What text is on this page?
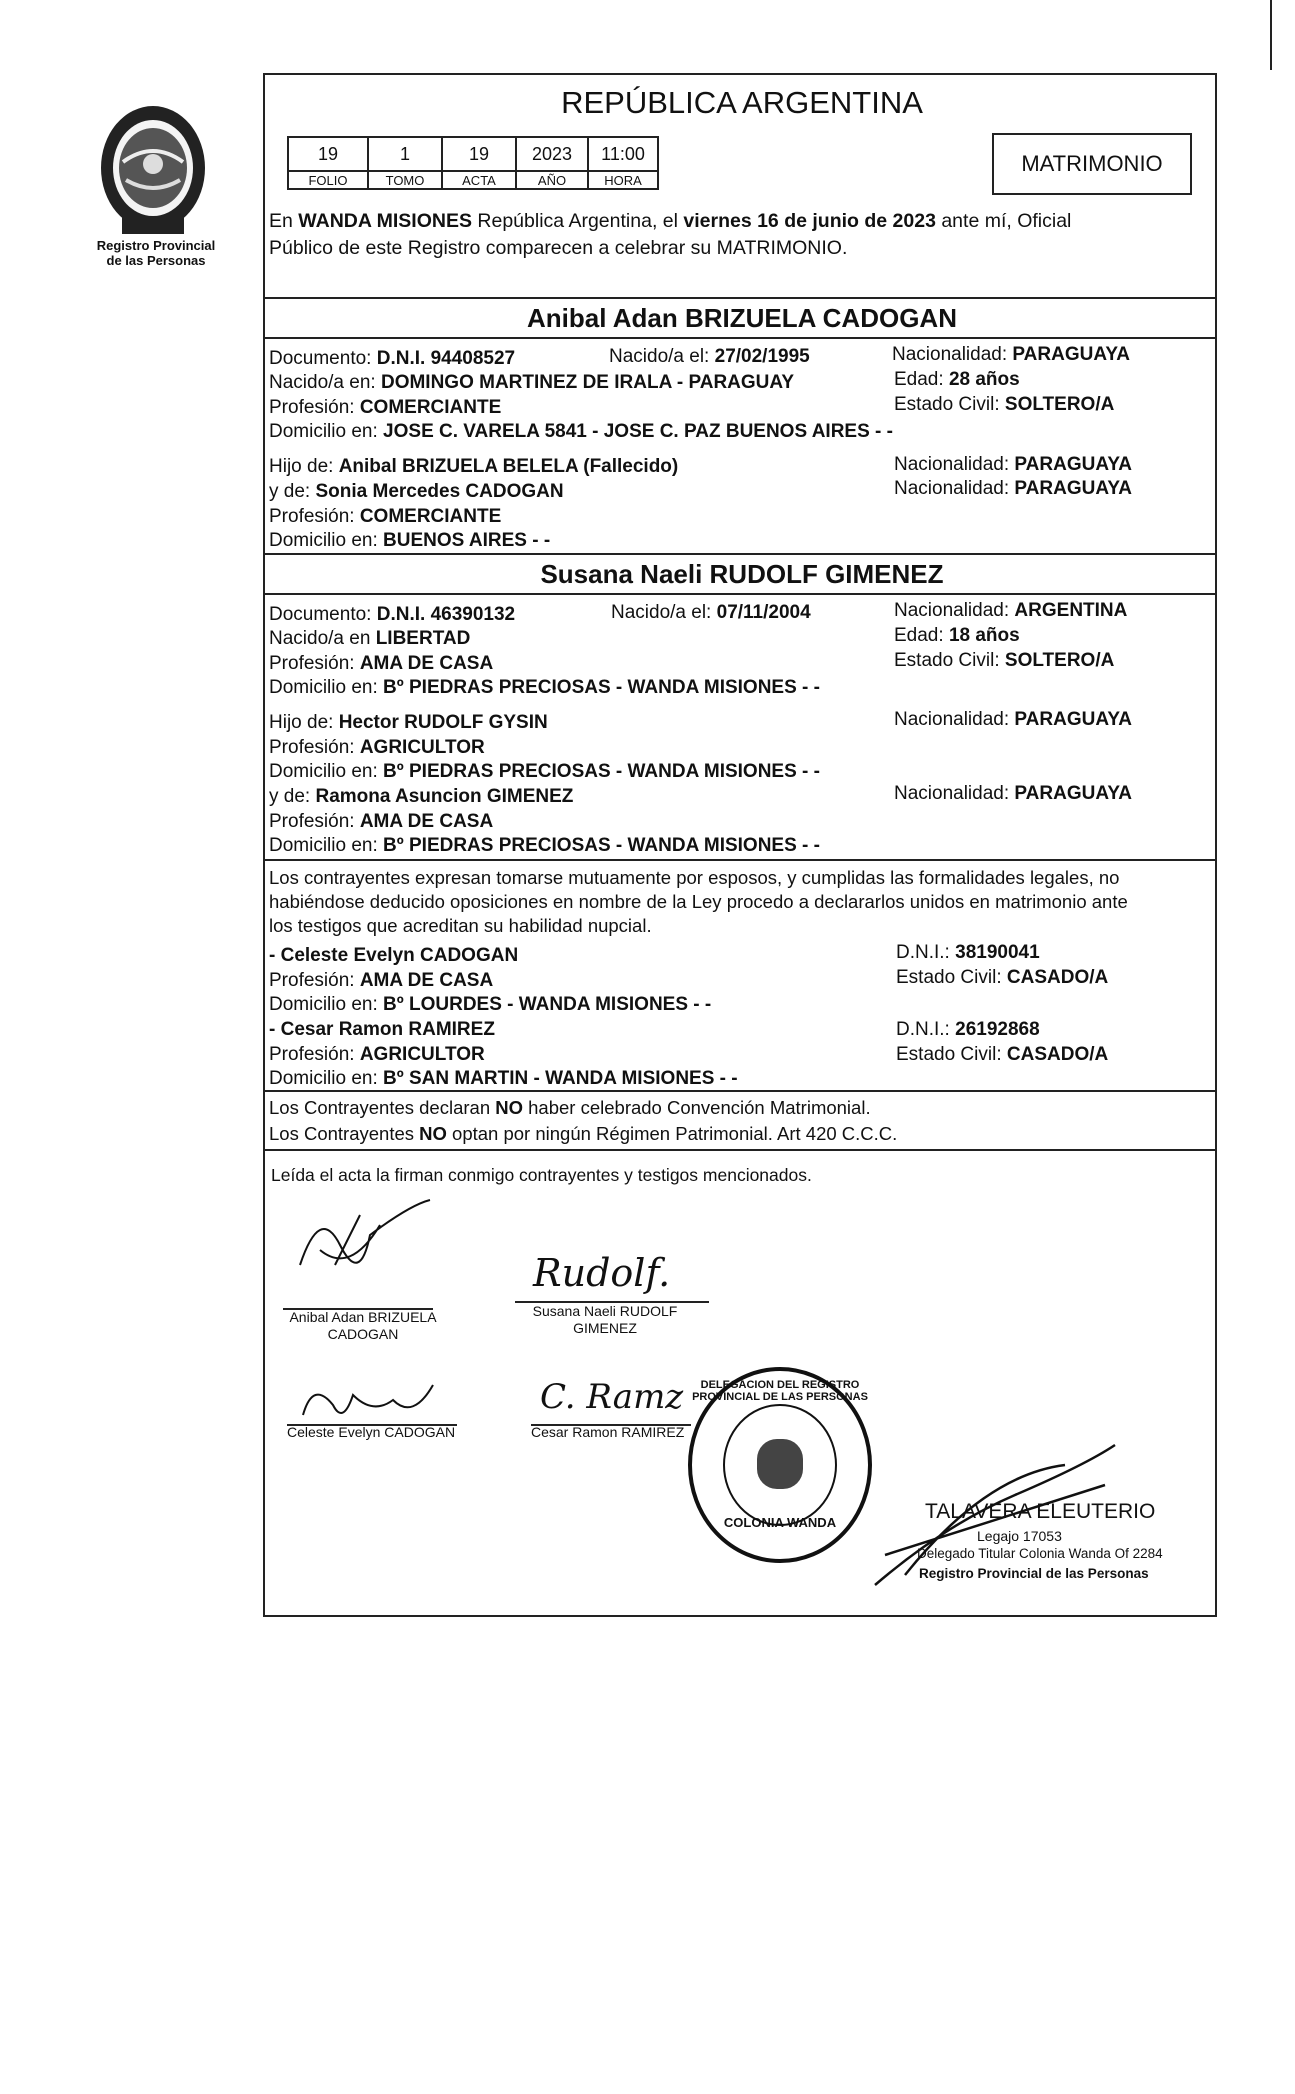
Registro Provincial
de las Personas
REPÚBLICA ARGENTINA
19	1	19	2023	11:00
FOLIO	TOMO	ACTA	AÑO	HORA
MATRIMONIO
En WANDA MISIONES República Argentina, el viernes 16 de junio de 2023 ante mí, Oficial
Público de este Registro comparecen a celebrar su MATRIMONIO.
Anibal Adan BRIZUELA CADOGAN
Documento: D.N.I. 94408527	Nacido/a el: 27/02/1995	Nacionalidad: PARAGUAYA
Nacido/a en: DOMINGO MARTINEZ DE IRALA - PARAGUAY	Edad: 28 años
Profesión: COMERCIANTE	Estado Civil: SOLTERO/A
Domicilio en: JOSE C. VARELA 5841 - JOSE C. PAZ BUENOS AIRES - -
Hijo de: Anibal BRIZUELA BELELA (Fallecido)	Nacionalidad: PARAGUAYA
y de: Sonia Mercedes CADOGAN	Nacionalidad: PARAGUAYA
Profesión: COMERCIANTE
Domicilio en: BUENOS AIRES - -
Susana Naeli RUDOLF GIMENEZ
Documento: D.N.I. 46390132	Nacido/a el: 07/11/2004	Nacionalidad: ARGENTINA
Nacido/a en LIBERTAD	Edad: 18 años
Profesión: AMA DE CASA	Estado Civil: SOLTERO/A
Domicilio en: Bº PIEDRAS PRECIOSAS - WANDA MISIONES - -
Hijo de: Hector RUDOLF GYSIN	Nacionalidad: PARAGUAYA
Profesión: AGRICULTOR
Domicilio en: Bº PIEDRAS PRECIOSAS - WANDA MISIONES - -
y de: Ramona Asuncion GIMENEZ	Nacionalidad: PARAGUAYA
Profesión: AMA DE CASA
Domicilio en: Bº PIEDRAS PRECIOSAS - WANDA MISIONES - -
Los contrayentes expresan tomarse mutuamente por esposos, y cumplidas las formalidades legales, no
habiéndose deducido oposiciones en nombre de la Ley procedo a declararlos unidos en matrimonio ante
los testigos que acreditan su habilidad nupcial.
- Celeste Evelyn CADOGAN	D.N.I.: 38190041
Profesión: AMA DE CASA	Estado Civil: CASADO/A
Domicilio en: Bº LOURDES - WANDA MISIONES - -
- Cesar Ramon RAMIREZ	D.N.I.: 26192868
Profesión: AGRICULTOR	Estado Civil: CASADO/A
Domicilio en: Bº SAN MARTIN - WANDA MISIONES - -
Los Contrayentes declaran NO haber celebrado Convención Matrimonial.
Los Contrayentes NO optan por ningún Régimen Patrimonial. Art 420 C.C.C.
Leída el acta la firman conmigo contrayentes y testigos mencionados.
Anibal Adan BRIZUELA
CADOGAN
Rudolf.
Susana Naeli RUDOLF
GIMENEZ
Celeste Evelyn CADOGAN
C. Ramz
Cesar Ramon RAMIREZ
DELEGACION DEL REGISTRO PROVINCIAL DE LAS PERSONAS
COLONIA WANDA	TALAVERA ELEUTERIO
Legajo 17053
Delegado Titular Colonia Wanda Of 2284
Registro Provincial de las Personas
